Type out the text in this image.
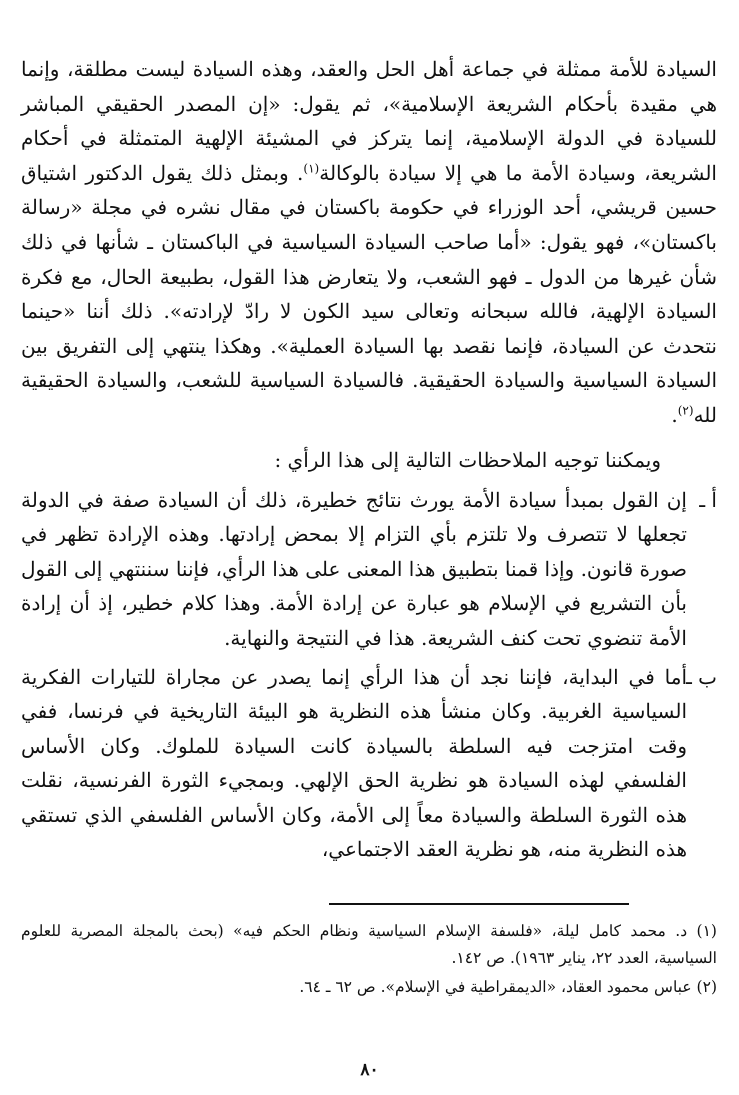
السيادة للأمة ممثلة في جماعة أهل الحل والعقد، وهذه السيادة ليست مطلقة، وإنما هي مقيدة بأحكام الشريعة الإسلامية»، ثم يقول: «إن المصدر الحقيقي المباشر للسيادة في الدولة الإسلامية، إنما يتركز في المشيئة الإلهية المتمثلة في أحكام الشريعة، وسيادة الأمة ما هي إلا سيادة بالوكالة$^{(١)}$. وبمثل ذلك يقول الدكتور اشتياق حسين قريشي، أحد الوزراء في حكومة باكستان في مقال نشره في مجلة «رسالة باكستان»، فهو يقول: «أما صاحب السيادة السياسية في الباكستان ـ شأنها في ذلك شأن غيرها من الدول ـ فهو الشعب، ولا يتعارض هذا القول، بطبيعة الحال، مع فكرة السيادة الإلهية، فالله سبحانه وتعالى سيد الكون لا رادّ لإرادته». ذلك أننا «حينما نتحدث عن السيادة، فإنما نقصد بها السيادة العملية». وهكذا ينتهي إلى التفريق بين السيادة السياسية والسيادة الحقيقية. فالسيادة السياسية للشعب، والسيادة الحقيقية لله$^{(٢)}$.

ويمكننا توجيه الملاحظات التالية إلى هذا الرأي :

أ ـ
إن القول بمبدأ سيادة الأمة يورث نتائج خطيرة، ذلك أن السيادة صفة في الدولة تجعلها لا تتصرف ولا تلتزم بأي التزام إلا بمحض إرادتها. وهذه الإرادة تظهر في صورة قانون. وإذا قمنا بتطبيق هذا المعنى على هذا الرأي، فإننا سننتهي إلى القول بأن التشريع في الإسلام هو عبارة عن إرادة الأمة. وهذا كلام خطير، إذ أن إرادة الأمة تنضوي تحت كنف الشريعة. هذا في النتيجة والنهاية.
ب ـ
أما في البداية، فإننا نجد أن هذا الرأي إنما يصدر عن مجاراة للتيارات الفكرية السياسية الغربية. وكان منشأ هذه النظرية هو البيئة التاريخية في فرنسا، ففي وقت امتزجت فيه السلطة بالسيادة كانت السيادة للملوك. وكان الأساس الفلسفي لهذه السيادة هو نظرية الحق الإلهي. وبمجيء الثورة الفرنسية، نقلت هذه الثورة السلطة والسيادة معاً إلى الأمة، وكان الأساس الفلسفي الذي تستقي هذه النظرية منه، هو نظرية العقد الاجتماعي،

(١) د. محمد كامل ليلة، «فلسفة الإسلام السياسية ونظام الحكم فيه» (بحث بالمجلة المصرية للعلوم السياسية، العدد ٢٢، يناير ١٩٦٣). ص ١٤٢.

(٢) عباس محمود العقاد، «الديمقراطية في الإسلام». ص ٦٢ ـ ٦٤.

٨٠
